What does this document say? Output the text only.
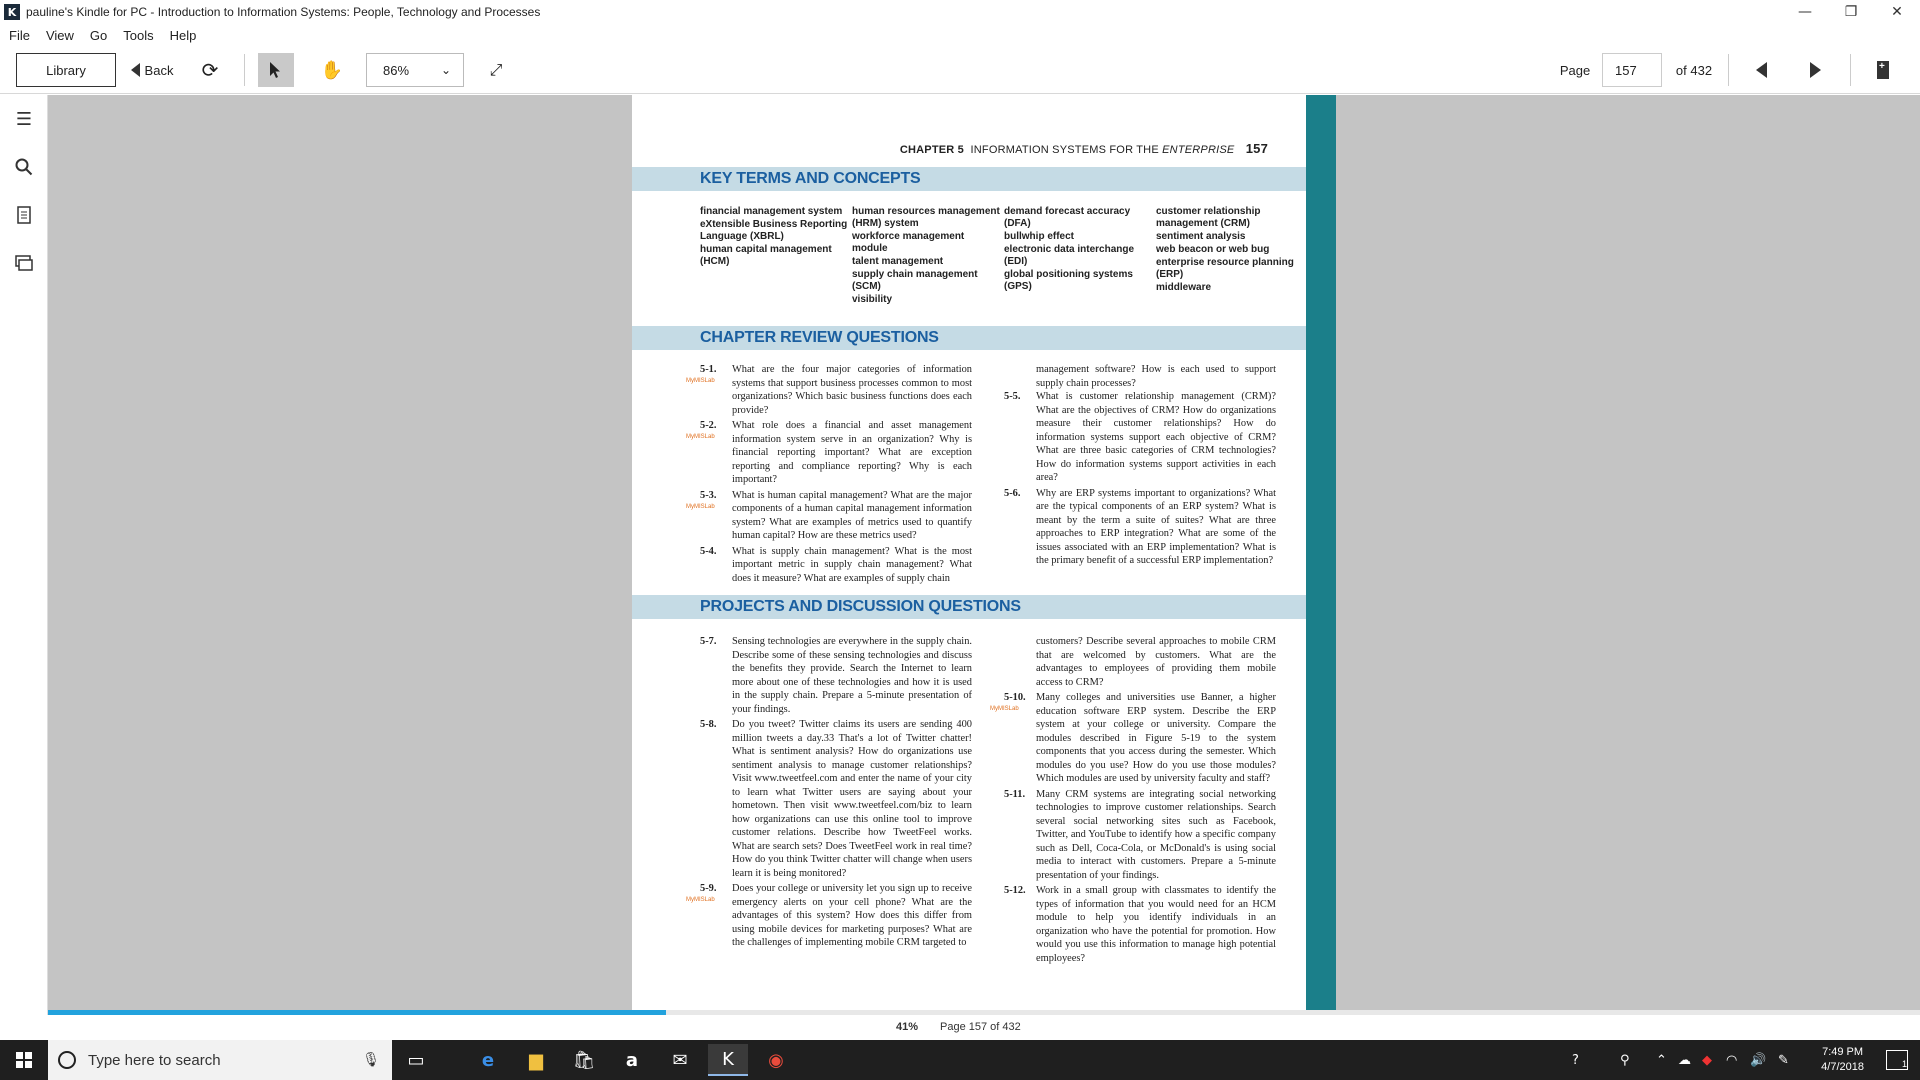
K pauline's Kindle for PC - Introduction to Information Systems: People, Technology and Processes	—	❐	✕
File	View	Go	Tools	Help
Library	Back ⟳	✋	86%	⌄	⤢	Page	157	of 432
+
☰
CHAPTER 5 INFORMATION SYSTEMS FOR THE ENTERPRISE 157
KEY TERMS AND CONCEPTS
financial management system
eXtensible Business Reporting Language (XBRL)
human capital management (HCM)
human resources management (HRM) system
workforce management module
talent management
supply chain management (SCM)
visibility
demand forecast accuracy (DFA)
bullwhip effect
electronic data interchange (EDI)
global positioning systems (GPS)
customer relationship management (CRM)
sentiment analysis
web beacon or web bug
enterprise resource planning (ERP)
middleware
CHAPTER REVIEW QUESTIONS
5-1.
MyMISLab
What are the four major categories of information systems that support business processes common to most organizations? Which basic business functions does each provide?
5-2.
MyMISLab
What role does a financial and asset management information system serve in an organization? Why is financial reporting important? What are exception reporting and compliance reporting? Why is each important?
5-3.
MyMISLab
What is human capital management? What are the major components of a human capital management information system? What are examples of metrics used to quantify human capital? How are these metrics used?
5-4. What is supply chain management? What is the most important metric in supply chain management? What does it measure? What are examples of supply chain
management software? How is each used to support supply chain processes?
5-5. What is customer relationship management (CRM)? What are the objectives of CRM? How do organizations measure their customer relationships? How do information systems support each objective of CRM? What are three basic categories of CRM technologies? How do information systems support activities in each area?
5-6. Why are ERP systems important to organizations? What are the typical components of an ERP system? What is meant by the term a suite of suites? What are three approaches to ERP integration? What are some of the issues associated with an ERP implementation? What is the primary benefit of a successful ERP implementation?
PROJECTS AND DISCUSSION QUESTIONS
5-7. Sensing technologies are everywhere in the supply chain. Describe some of these sensing technologies and discuss the benefits they provide. Search the Internet to learn more about one of these technologies and how it is used in the supply chain. Prepare a 5-minute presentation of your findings.
5-8. Do you tweet? Twitter claims its users are sending 400 million tweets a day.33 That's a lot of Twitter chatter! What is sentiment analysis? How do organizations use sentiment analysis to manage customer relationships? Visit www.tweetfeel.com and enter the name of your city to learn what Twitter users are saying about your hometown. Then visit www.tweetfeel.com/biz to learn how organizations can use this online tool to improve customer relations. Describe how TweetFeel works. What are search sets? Does TweetFeel work in real time? How do you think Twitter chatter will change when users learn it is being monitored?
5-9.
MyMISLab
Does your college or university let you sign up to receive emergency alerts on your cell phone? What are the advantages of this system? How does this differ from using mobile devices for marketing purposes? What are the challenges of implementing mobile CRM targeted to
customers? Describe several approaches to mobile CRM that are welcomed by customers. What are the advantages to employees of providing them mobile access to CRM?
5-10.
MyMISLab
Many colleges and universities use Banner, a higher education software ERP system. Describe the ERP system at your college or university. Compare the modules described in Figure 5-19 to the system components that you access during the semester. Which modules do you use? How do you use those modules? Which modules are used by university faculty and staff?
5-11. Many CRM systems are integrating social networking technologies to improve customer relationships. Search several social networking sites such as Facebook, Twitter, and YouTube to identify how a specific company such as Dell, Coca-Cola, or McDonald's is using social media to interact with customers. Prepare a 5-minute presentation of your findings.
5-12. Work in a small group with classmates to identify the types of information that you would need for an HCM module to help you identify individuals in an organization who have the potential for promotion. How would you use this information to manage high potential employees?
41% Page 157 of 432
Type here to search	🎙	▭	e	▆	🛍	a	✉	K	◉	?	⚲ ⌃ ☁ ◆ ◠ 🔊 ✎
7:49 PM
4/7/2018	1
